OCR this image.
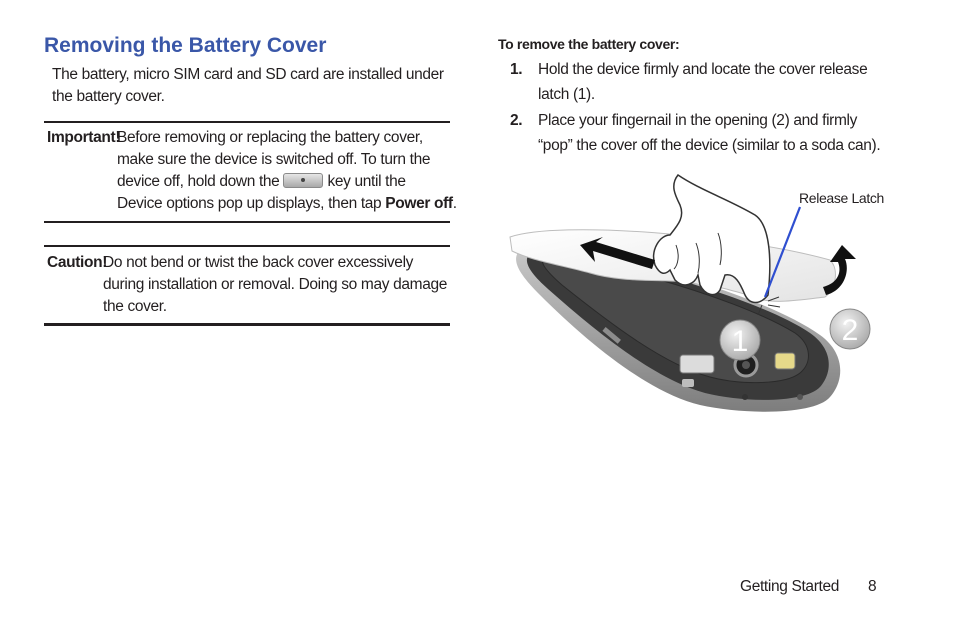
Removing the Battery Cover

The battery, micro SIM card and SD card are installed under the battery cover.

Important!
Before removing or replacing the battery cover,
make sure the device is switched off. To turn the
device off, hold down the	key until the
Device options pop up displays, then tap Power off.
Caution!
Do not bend or twist the back cover excessively
during installation or removal. Doing so may damage
the cover.
To remove the battery cover:
1. Hold the device firmly and locate the cover release
latch (1).
2. Place your fingernail in the opening (2) and firmly
“pop” the cover off the device (similar to a soda can).
Release Latch
1	2
Getting Started 8
